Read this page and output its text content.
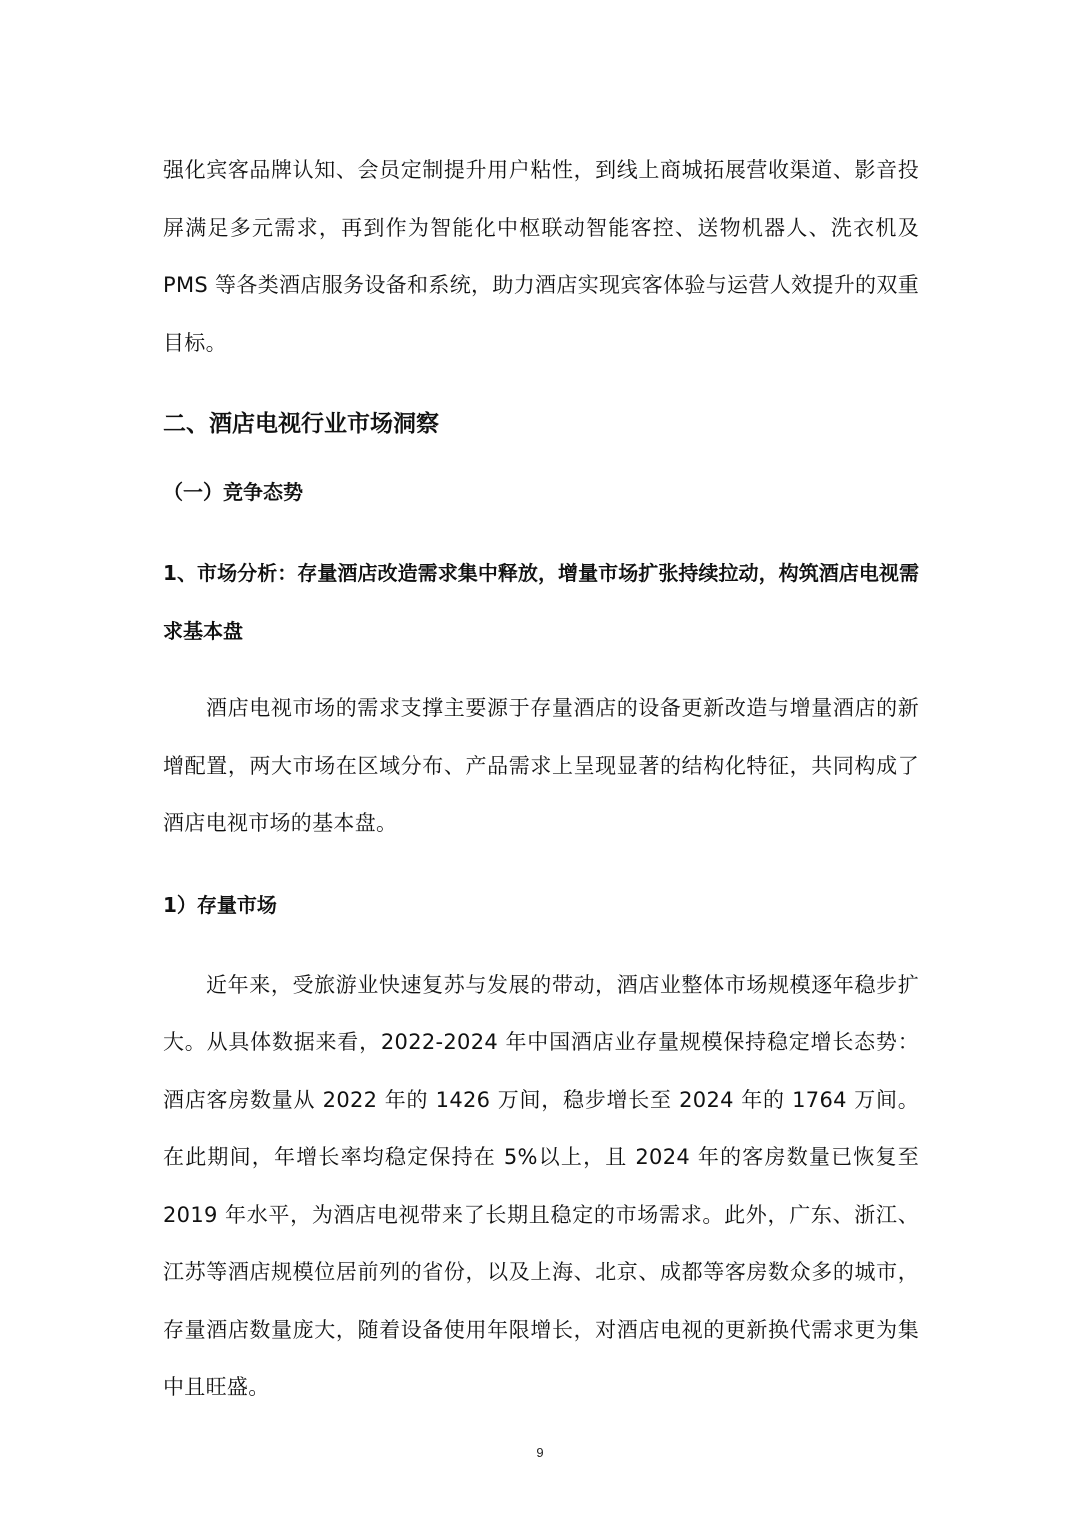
强化宾客品牌认知、会员定制提升用户粘性，到线上商城拓展营收渠道、影音投屏满足多元需求，再到作为智能化中枢联动智能客控、送物机器人、洗衣机及 PMS 等各类酒店服务设备和系统，助力酒店实现宾客体验与运营人效提升的双重目标。

二、酒店电视行业市场洞察
（一）竞争态势
1、市场分析：存量酒店改造需求集中释放，增量市场扩张持续拉动，构筑酒店电视需求基本盘

酒店电视市场的需求支撑主要源于存量酒店的设备更新改造与增量酒店的新增配置，两大市场在区域分布、产品需求上呈现显著的结构化特征，共同构成了酒店电视市场的基本盘。

1）存量市场

近年来，受旅游业快速复苏与发展的带动，酒店业整体市场规模逐年稳步扩大。从具体数据来看，2022-2024 年中国酒店业存量规模保持稳定增长态势：酒店客房数量从 2022 年的 1426 万间，稳步增长至 2024 年的 1764 万间。在此期间，年增长率均稳定保持在 5%以上，且 2024 年的客房数量已恢复至 2019 年水平，为酒店电视带来了长期且稳定的市场需求。此外，广东、浙江、江苏等酒店规模位居前列的省份，以及上海、北京、成都等客房数众多的城市，存量酒店数量庞大，随着设备使用年限增长，对酒店电视的更新换代需求更为集中且旺盛。

9
